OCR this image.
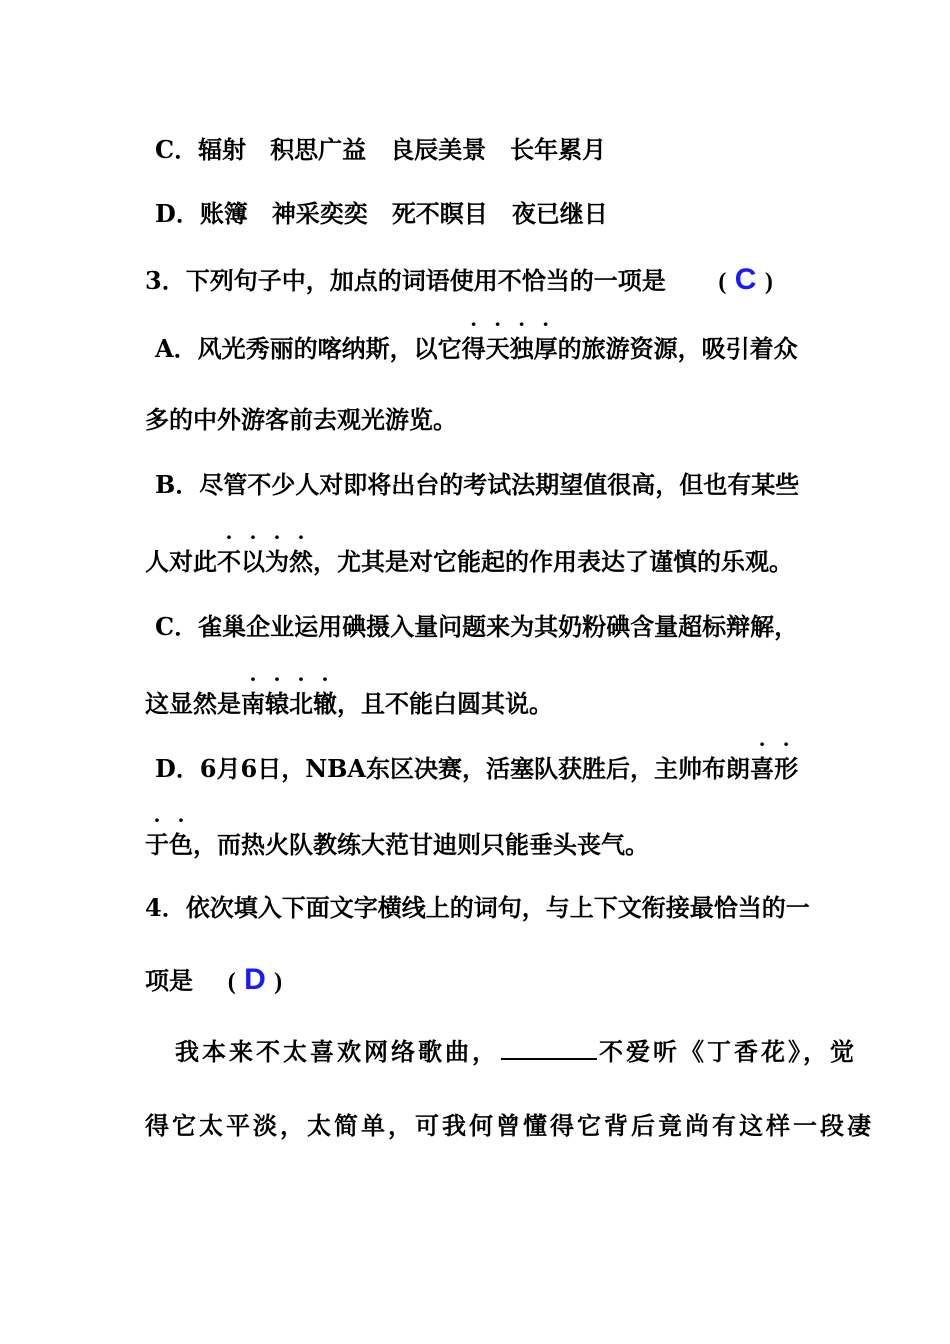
C．辐射 积思广益 良辰美景 长年累月
D．账簿 神采奕奕 死不瞑目 夜已继日
3．下列句子中，加点的词语使用不恰当的一项是 ( C )
A．风光秀丽的喀纳斯，以它得天独厚的旅游资源，吸引着众
多的中外游客前去观光游览。
B．尽管不少人对即将出台的考试法期望值很高，但也有某些
人对此不以为然，尤其是对它能起的作用表达了谨慎的乐观。
C．雀巢企业运用碘摄入量问题来为其奶粉碘含量超标辩解，
这显然是南辕北辙，且不能白圆其说。
D．6月6日，NBA东区决赛，活塞队获胜后，主帅布朗喜形
于色，而热火队教练大范甘迪则只能垂头丧气。
4．依次填入下面文字横线上的词句，与上下文衔接最恰当的一
项是 ( D )
我本来不太喜欢网络歌曲，	不爱听《丁香花》，觉
得它太平淡，太简单，可我何曾懂得它背后竟尚有这样一段凄
